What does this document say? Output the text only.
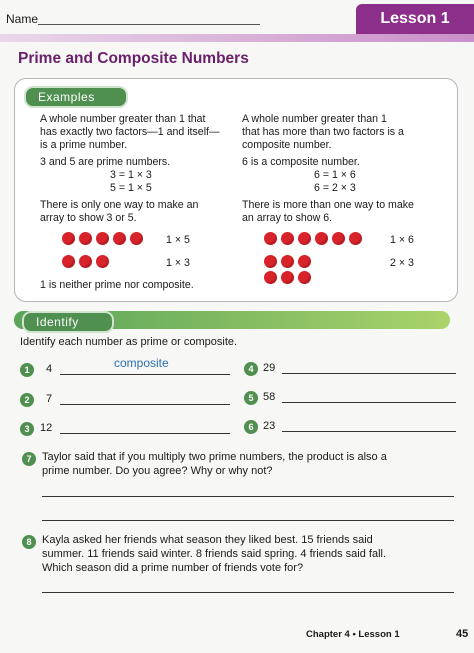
Name	Lesson 1
Prime and Composite Numbers
Examples
A whole number greater than 1 that
has exactly two factors—1 and itself—
is a prime number.
3 and 5 are prime numbers.
3 = 1 × 3
5 = 1 × 5
There is only one way to make an
array to show 3 or 5.
1 × 5
1 × 3
1 is neither prime nor composite.
A whole number greater than 1
that has more than two factors is a
composite number.
6 is a composite number.
6 = 1 × 6
6 = 2 × 3
There is more than one way to make
an array to show 6.
1 × 6
2 × 3
Identify
Identify each number as prime or composite.
1	4	composite
2	7
3 12
4 29
5 58
6 23
7 Taylor said that if you multiply two prime numbers, the product is also a
prime number. Do you agree? Why or why not?
8 Kayla asked her friends what season they liked best. 15 friends said
summer. 11 friends said winter. 8 friends said spring. 4 friends said fall.
Which season did a prime number of friends vote for?
Chapter 4 • Lesson 1	45
